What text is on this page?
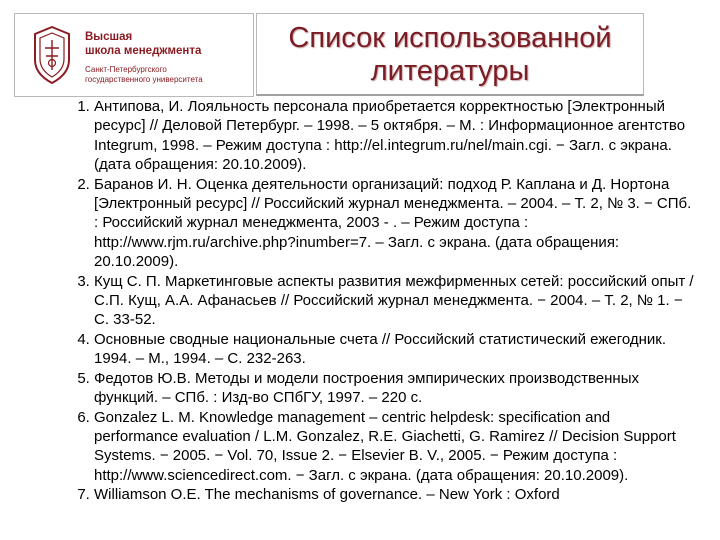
Высшая
школа менеджмента
Санкт-Петербургского
государственного университета
Список использованной
литературы
1. Антипова, И. Лояльность персонала приобретается корректностью [Электронный ресурс] // Деловой Петербург. – 1998. – 5 октября. – М. : Информационное агентство Integrum, 1998. – Режим доступа : http://el.integrum.ru/nel/main.cgi. − Загл. с экрана. (дата обращения: 20.10.2009).
2. Баранов И. Н. Оценка деятельности организаций: подход Р. Каплана и Д. Нортона [Электронный ресурс] // Российский журнал менеджмента. – 2004. – Т. 2, № 3. − СПб. : Российский журнал менеджмента, 2003 - . – Режим доступа : http://www.rjm.ru/archive.php?inumber=7. – Загл. с экрана. (дата обращения: 20.10.2009).
3. Кущ С. П. Маркетинговые аспекты развития межфирменных сетей: российский опыт / С.П. Кущ, А.А. Афанасьев // Российский журнал менеджмента. − 2004. – Т. 2, № 1. − С. 33-52.
4. Основные сводные национальные счета // Российский статистический ежегодник. 1994. – М., 1994. – С. 232-263.
5. Федотов Ю.В. Методы и модели построения эмпирических производственных функций. – СПб. : Изд-во СПбГУ, 1997. – 220 с.
6. Gonzalez L. M. Knowledge management – centric helpdesk: specification and performance evaluation / L.M. Gonzalez, R.E. Giachetti, G. Ramirez // Decision Support Systems. − 2005. − Vol. 70, Issue 2. − Elsevier B. V., 2005. − Режим доступа : http://www.sciencedirect.com. − Загл. с экрана. (дата обращения: 20.10.2009).
7. Williamson O.E. The mechanisms of governance. – New York : Oxford
